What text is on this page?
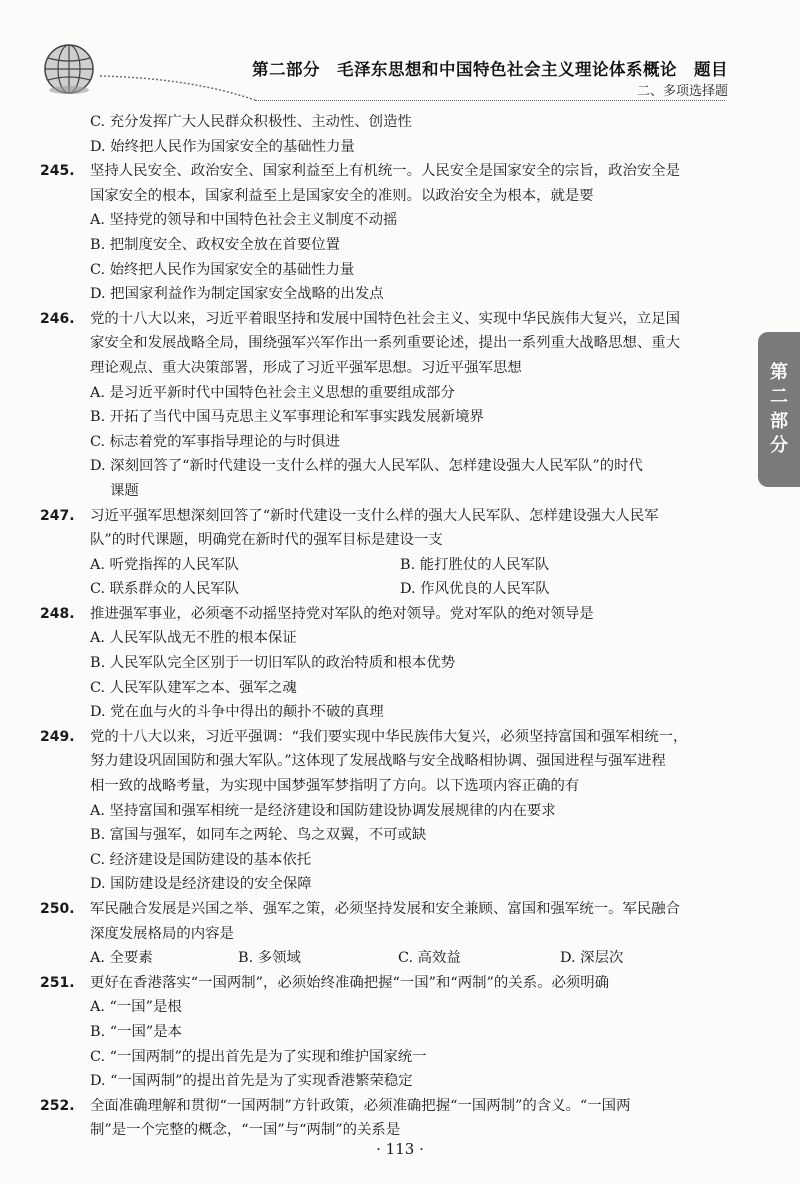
第二部分　毛泽东思想和中国特色社会主义理论体系概论　题目
二、多项选择题
第
二
部
分
C. 充分发挥广大人民群众积极性、主动性、创造性
D. 始终把人民作为国家安全的基础性力量
245.	坚持人民安全、政治安全、国家利益至上有机统一。人民安全是国家安全的宗旨，政治安全是
国家安全的根本，国家利益至上是国家安全的准则。以政治安全为根本，就是要
A. 坚持党的领导和中国特色社会主义制度不动摇
B. 把制度安全、政权安全放在首要位置
C. 始终把人民作为国家安全的基础性力量
D. 把国家利益作为制定国家安全战略的出发点
246.	党的十八大以来，习近平着眼坚持和发展中国特色社会主义、实现中华民族伟大复兴，立足国
家安全和发展战略全局，围绕强军兴军作出一系列重要论述，提出一系列重大战略思想、重大
理论观点、重大决策部署，形成了习近平强军思想。习近平强军思想
A. 是习近平新时代中国特色社会主义思想的重要组成部分
B. 开拓了当代中国马克思主义军事理论和军事实践发展新境界
C. 标志着党的军事指导理论的与时俱进
D. 深刻回答了“新时代建设一支什么样的强大人民军队、怎样建设强大人民军队”的时代
课题
247.	习近平强军思想深刻回答了“新时代建设一支什么样的强大人民军队、怎样建设强大人民军
队”的时代课题，明确党在新时代的强军目标是建设一支
A. 听党指挥的人民军队	B. 能打胜仗的人民军队
C. 联系群众的人民军队	D. 作风优良的人民军队
248.	推进强军事业，必须毫不动摇坚持党对军队的绝对领导。党对军队的绝对领导是
A. 人民军队战无不胜的根本保证
B. 人民军队完全区别于一切旧军队的政治特质和根本优势
C. 人民军队建军之本、强军之魂
D. 党在血与火的斗争中得出的颠扑不破的真理
249.	党的十八大以来，习近平强调：“我们要实现中华民族伟大复兴，必须坚持富国和强军相统一，
努力建设巩固国防和强大军队。”这体现了发展战略与安全战略相协调、强国进程与强军进程
相一致的战略考量，为实现中国梦强军梦指明了方向。以下选项内容正确的有
A. 坚持富国和强军相统一是经济建设和国防建设协调发展规律的内在要求
B. 富国与强军，如同车之两轮、鸟之双翼，不可或缺
C. 经济建设是国防建设的基本依托
D. 国防建设是经济建设的安全保障
250.	军民融合发展是兴国之举、强军之策，必须坚持发展和安全兼顾、富国和强军统一。军民融合
深度发展格局的内容是
A. 全要素	B. 多领域	C. 高效益	D. 深层次
251.	更好在香港落实“一国两制”，必须始终准确把握“一国”和“两制”的关系。必须明确
A. “一国”是根
B. “一国”是本
C. “一国两制”的提出首先是为了实现和维护国家统一
D. “一国两制”的提出首先是为了实现香港繁荣稳定
252.	全面准确理解和贯彻“一国两制”方针政策，必须准确把握“一国两制”的含义。“一国两
制”是一个完整的概念，“一国”与“两制”的关系是
· 113 ·
